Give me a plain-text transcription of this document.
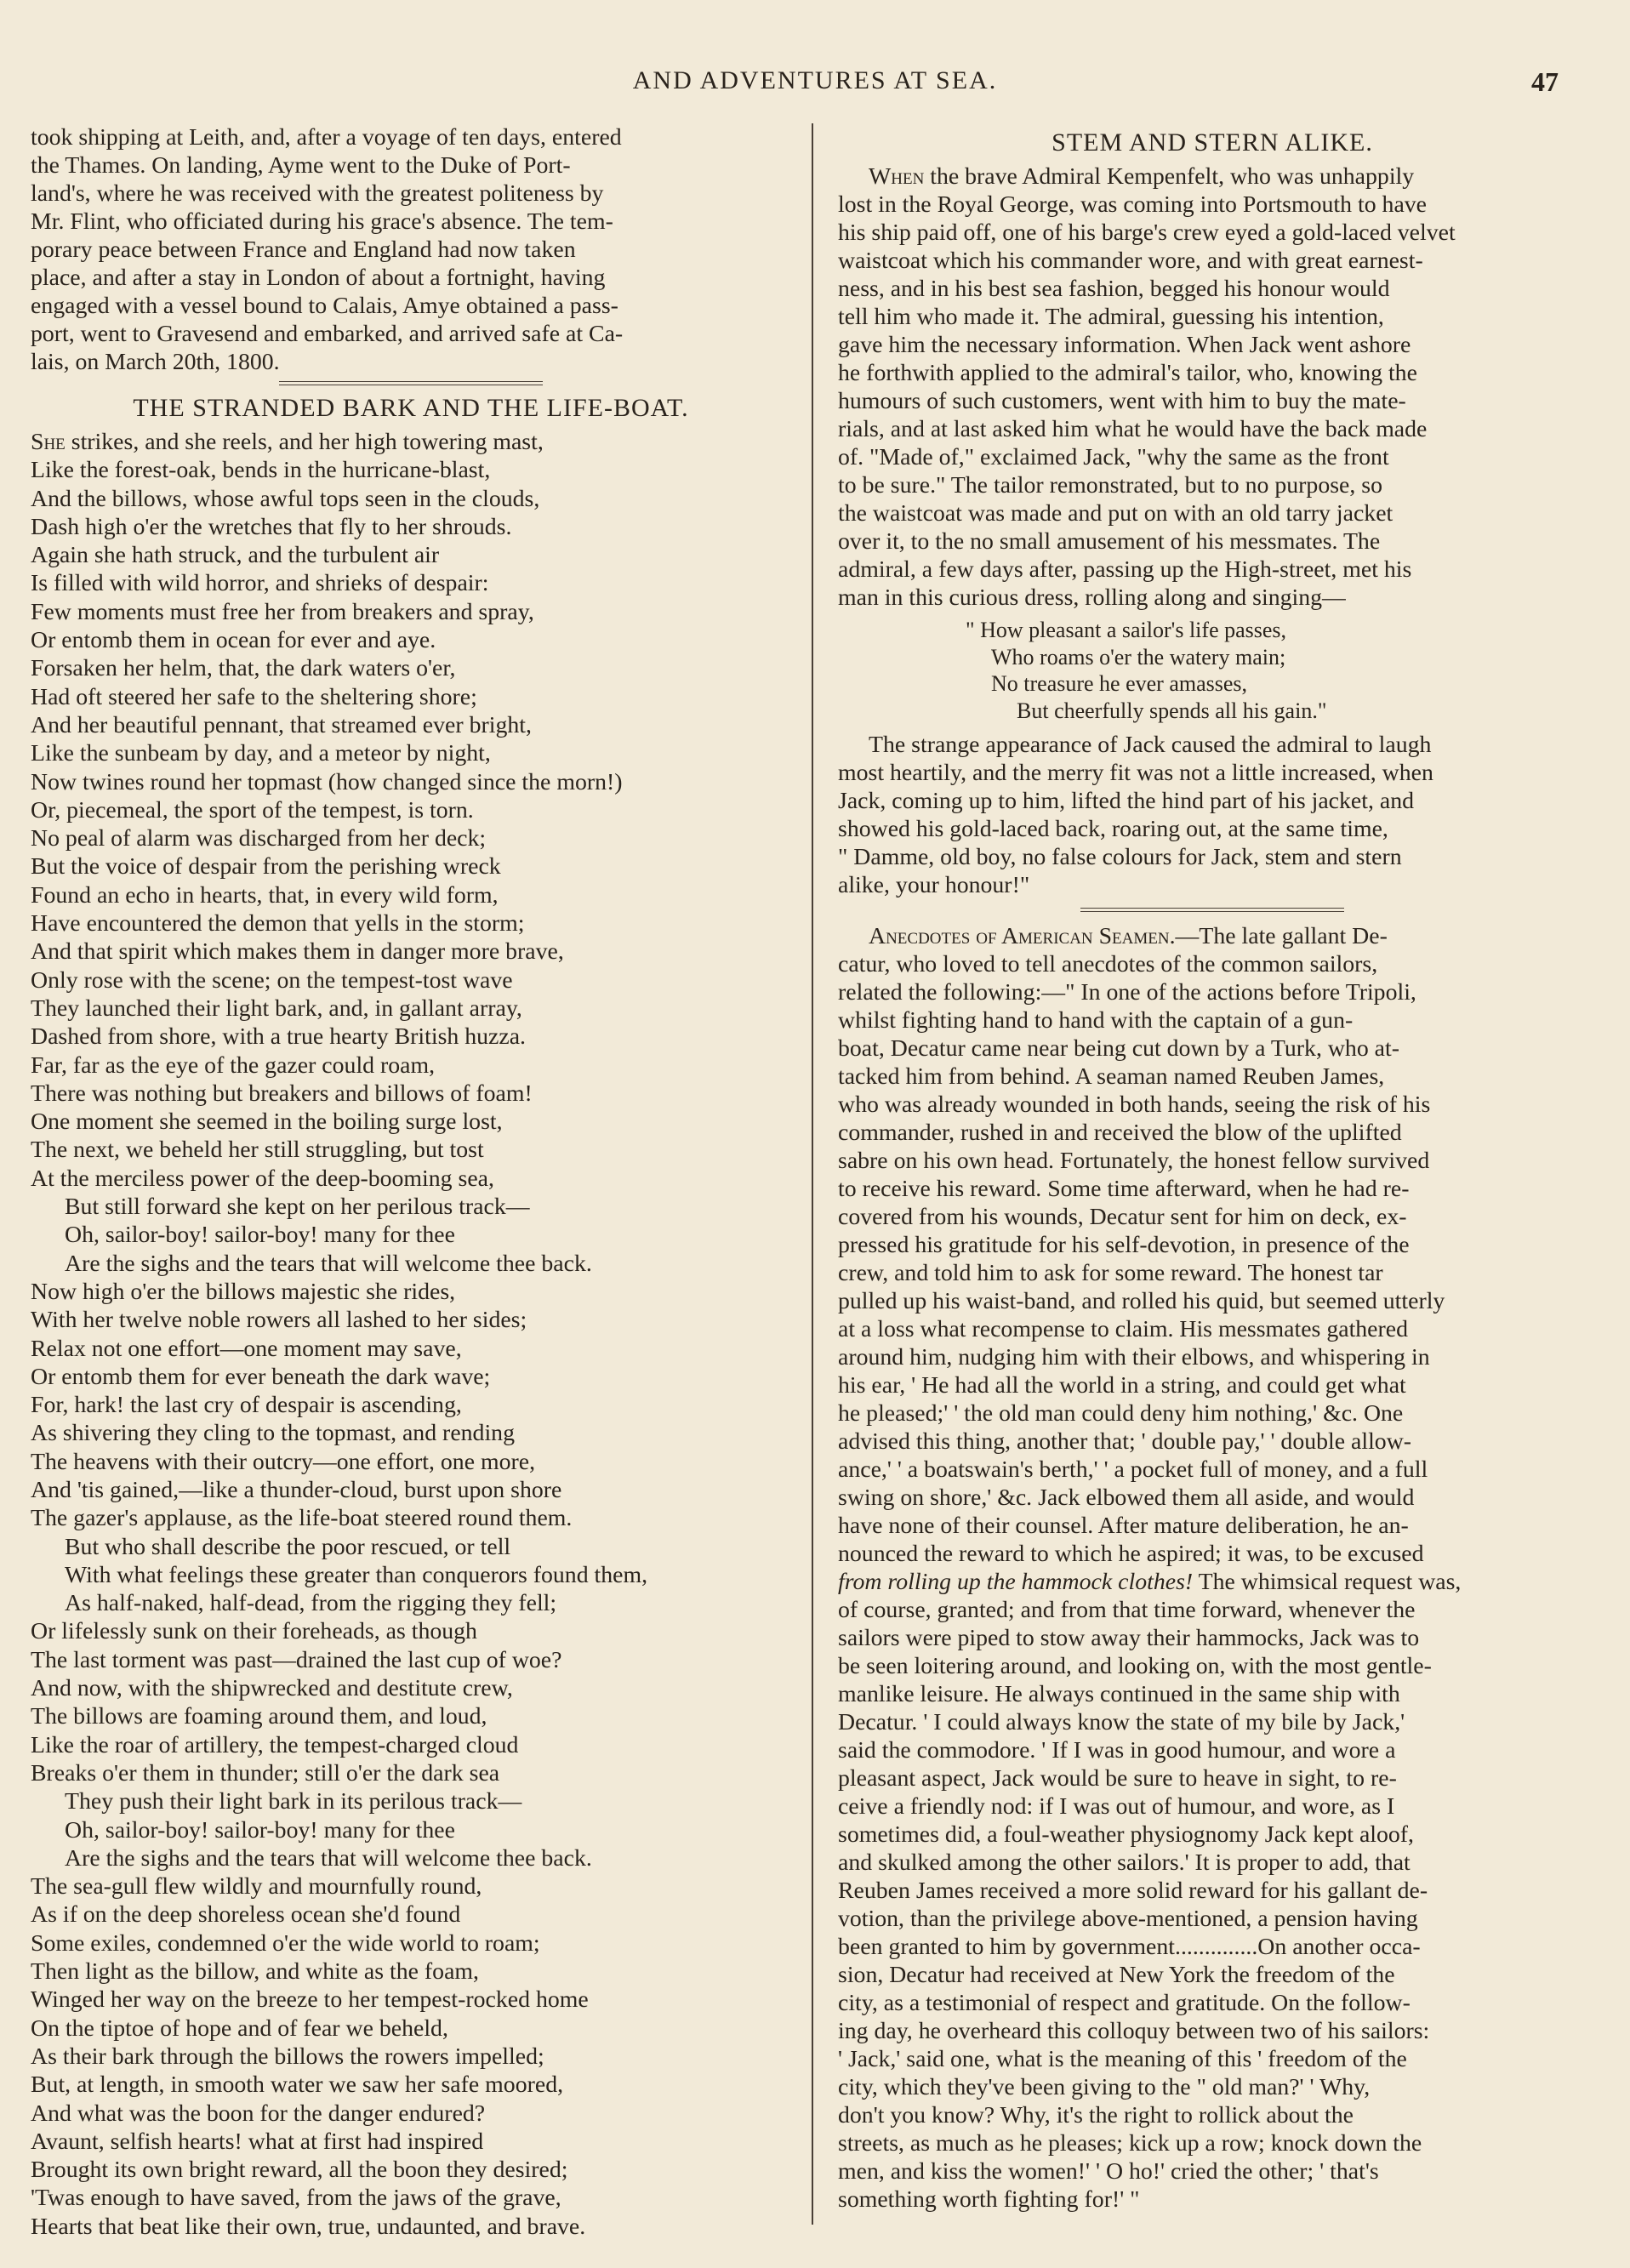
AND ADVENTURES AT SEA.	47
took shipping at Leith, and, after a voyage of ten days, entered
the Thames. On landing, Ayme went to the Duke of Port-
land's, where he was received with the greatest politeness by
Mr. Flint, who officiated during his grace's absence. The tem-
porary peace between France and England had now taken
place, and after a stay in London of about a fortnight, having
engaged with a vessel bound to Calais, Amye obtained a pass-
port, went to Gravesend and embarked, and arrived safe at Ca-
lais, on March 20th, 1800.
THE STRANDED BARK AND THE LIFE-BOAT.
She strikes, and she reels, and her high towering mast,
Like the forest-oak, bends in the hurricane-blast,
And the billows, whose awful tops seen in the clouds,
Dash high o'er the wretches that fly to her shrouds.
Again she hath struck, and the turbulent air
Is filled with wild horror, and shrieks of despair:
Few moments must free her from breakers and spray,
Or entomb them in ocean for ever and aye.
Forsaken her helm, that, the dark waters o'er,
Had oft steered her safe to the sheltering shore;
And her beautiful pennant, that streamed ever bright,
Like the sunbeam by day, and a meteor by night,
Now twines round her topmast (how changed since the morn!)
Or, piecemeal, the sport of the tempest, is torn.
No peal of alarm was discharged from her deck;
But the voice of despair from the perishing wreck
Found an echo in hearts, that, in every wild form,
Have encountered the demon that yells in the storm;
And that spirit which makes them in danger more brave,
Only rose with the scene; on the tempest-tost wave
They launched their light bark, and, in gallant array,
Dashed from shore, with a true hearty British huzza.
Far, far as the eye of the gazer could roam,
There was nothing but breakers and billows of foam!
One moment she seemed in the boiling surge lost,
The next, we beheld her still struggling, but tost
At the merciless power of the deep-booming sea,
But still forward she kept on her perilous track—
Oh, sailor-boy! sailor-boy! many for thee
Are the sighs and the tears that will welcome thee back.
Now high o'er the billows majestic she rides,
With her twelve noble rowers all lashed to her sides;
Relax not one effort—one moment may save,
Or entomb them for ever beneath the dark wave;
For, hark! the last cry of despair is ascending,
As shivering they cling to the topmast, and rending
The heavens with their outcry—one effort, one more,
And 'tis gained,—like a thunder-cloud, burst upon shore
The gazer's applause, as the life-boat steered round them.
But who shall describe the poor rescued, or tell
With what feelings these greater than conquerors found them,
As half-naked, half-dead, from the rigging they fell;
Or lifelessly sunk on their foreheads, as though
The last torment was past—drained the last cup of woe?
And now, with the shipwrecked and destitute crew,
The billows are foaming around them, and loud,
Like the roar of artillery, the tempest-charged cloud
Breaks o'er them in thunder; still o'er the dark sea
They push their light bark in its perilous track—
Oh, sailor-boy! sailor-boy! many for thee
Are the sighs and the tears that will welcome thee back.
The sea-gull flew wildly and mournfully round,
As if on the deep shoreless ocean she'd found
Some exiles, condemned o'er the wide world to roam;
Then light as the billow, and white as the foam,
Winged her way on the breeze to her tempest-rocked home
On the tiptoe of hope and of fear we beheld,
As their bark through the billows the rowers impelled;
But, at length, in smooth water we saw her safe moored,
And what was the boon for the danger endured?
Avaunt, selfish hearts! what at first had inspired
Brought its own bright reward, all the boon they desired;
'Twas enough to have saved, from the jaws of the grave,
Hearts that beat like their own, true, undaunted, and brave.
STEM AND STERN ALIKE.
When the brave Admiral Kempenfelt, who was unhappily
lost in the Royal George, was coming into Portsmouth to have
his ship paid off, one of his barge's crew eyed a gold-laced velvet
waistcoat which his commander wore, and with great earnest-
ness, and in his best sea fashion, begged his honour would
tell him who made it. The admiral, guessing his intention,
gave him the necessary information. When Jack went ashore
he forthwith applied to the admiral's tailor, who, knowing the
humours of such customers, went with him to buy the mate-
rials, and at last asked him what he would have the back made
of. "Made of," exclaimed Jack, "why the same as the front
to be sure." The tailor remonstrated, but to no purpose, so
the waistcoat was made and put on with an old tarry jacket
over it, to the no small amusement of his messmates. The
admiral, a few days after, passing up the High-street, met his
man in this curious dress, rolling along and singing—
" How pleasant a sailor's life passes,
Who roams o'er the watery main;
No treasure he ever amasses,
But cheerfully spends all his gain."
The strange appearance of Jack caused the admiral to laugh
most heartily, and the merry fit was not a little increased, when
Jack, coming up to him, lifted the hind part of his jacket, and
showed his gold-laced back, roaring out, at the same time,
" Damme, old boy, no false colours for Jack, stem and stern
alike, your honour!"
Anecdotes of American Seamen.—The late gallant De-
catur, who loved to tell anecdotes of the common sailors,
related the following:—" In one of the actions before Tripoli,
whilst fighting hand to hand with the captain of a gun-
boat, Decatur came near being cut down by a Turk, who at-
tacked him from behind. A seaman named Reuben James,
who was already wounded in both hands, seeing the risk of his
commander, rushed in and received the blow of the uplifted
sabre on his own head. Fortunately, the honest fellow survived
to receive his reward. Some time afterward, when he had re-
covered from his wounds, Decatur sent for him on deck, ex-
pressed his gratitude for his self-devotion, in presence of the
crew, and told him to ask for some reward. The honest tar
pulled up his waist-band, and rolled his quid, but seemed utterly
at a loss what recompense to claim. His messmates gathered
around him, nudging him with their elbows, and whispering in
his ear, ' He had all the world in a string, and could get what
he pleased;' ' the old man could deny him nothing,' &c. One
advised this thing, another that; ' double pay,' ' double allow-
ance,' ' a boatswain's berth,' ' a pocket full of money, and a full
swing on shore,' &c. Jack elbowed them all aside, and would
have none of their counsel. After mature deliberation, he an-
nounced the reward to which he aspired; it was, to be excused
from rolling up the hammock clothes! The whimsical request was,
of course, granted; and from that time forward, whenever the
sailors were piped to stow away their hammocks, Jack was to
be seen loitering around, and looking on, with the most gentle-
manlike leisure. He always continued in the same ship with
Decatur. ' I could always know the state of my bile by Jack,'
said the commodore. ' If I was in good humour, and wore a
pleasant aspect, Jack would be sure to heave in sight, to re-
ceive a friendly nod: if I was out of humour, and wore, as I
sometimes did, a foul-weather physiognomy Jack kept aloof,
and skulked among the other sailors.' It is proper to add, that
Reuben James received a more solid reward for his gallant de-
votion, than the privilege above-mentioned, a pension having
been granted to him by government..............On another occa-
sion, Decatur had received at New York the freedom of the
city, as a testimonial of respect and gratitude. On the follow-
ing day, he overheard this colloquy between two of his sailors:
' Jack,' said one, what is the meaning of this ' freedom of the
city, which they've been giving to the " old man?' ' Why,
don't you know? Why, it's the right to rollick about the
streets, as much as he pleases; kick up a row; knock down the
men, and kiss the women!' ' O ho!' cried the other; ' that's
something worth fighting for!' "
